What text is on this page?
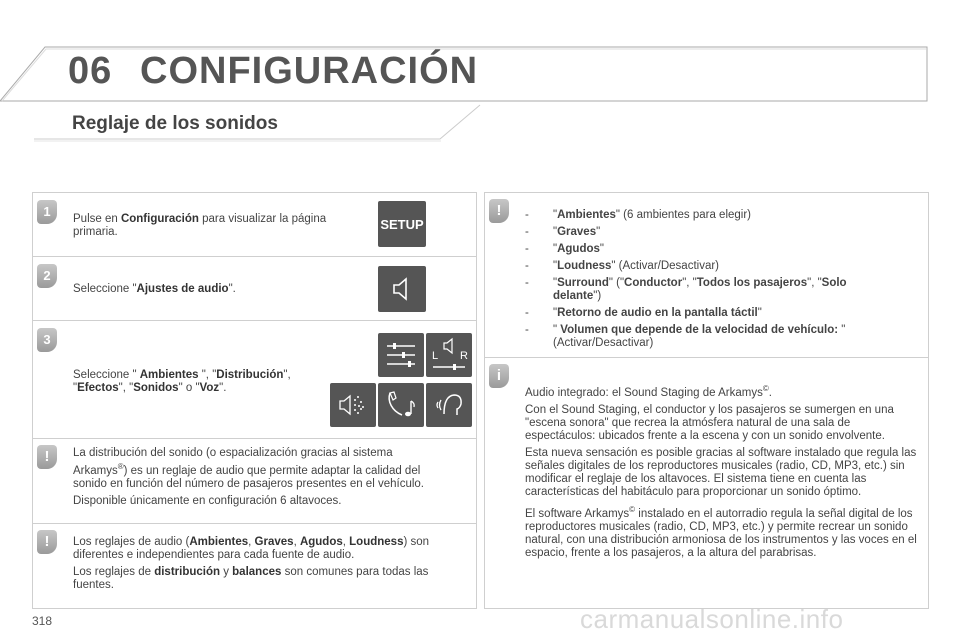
06 CONFIGURACIÓN
Reglaje de los sonidos
1	Pulse en Configuración para visualizar la página primaria.
SETUP
2
Seleccione "Ajustes de audio".
3
Seleccione " Ambientes ", "Distribución", "Efectos", "Sonidos" o "Voz".
L R
!	La distribución del sonido (o espacialización gracias al sistema Arkamys®) es un reglaje de audio que permite adaptar la calidad del sonido en función del número de pasajeros presentes en el vehículo.

Disponible únicamente en configuración 6 altavoces.

!	Los reglajes de audio (Ambientes, Graves, Agudos, Loudness) son diferentes e independientes para cada fuente de audio.

Los reglajes de distribución y balances son comunes para todas las fuentes.

!	- "Ambientes" (6 ambientes para elegir)
- "Graves"
- "Agudos"
- "Loudness" (Activar/Desactivar)
- "Surround" ("Conductor", "Todos los pasajeros", "Solo delante")
- "Retorno de audio en la pantalla táctil"
- " Volumen que depende de la velocidad de vehículo: " (Activar/Desactivar)
i

Audio integrado: el Sound Staging de Arkamys©.

Con el Sound Staging, el conductor y los pasajeros se sumergen en una "escena sonora" que recrea la atmósfera natural de una sala de espectáculos: ubicados frente a la escena y con un sonido envolvente.

Esta nueva sensación es posible gracias al software instalado que regula las señales digitales de los reproductores musicales (radio, CD, MP3, etc.) sin modificar el reglaje de los altavoces. El sistema tiene en cuenta las características del habitáculo para proporcionar un sonido óptimo.

El software Arkamys© instalado en el autorradio regula la señal digital de los reproductores musicales (radio, CD, MP3, etc.) y permite recrear un sonido natural, con una distribución armoniosa de los instrumentos y las voces en el espacio, frente a los pasajeros, a la altura del parabrisas.

318	carmanualsonline.info
